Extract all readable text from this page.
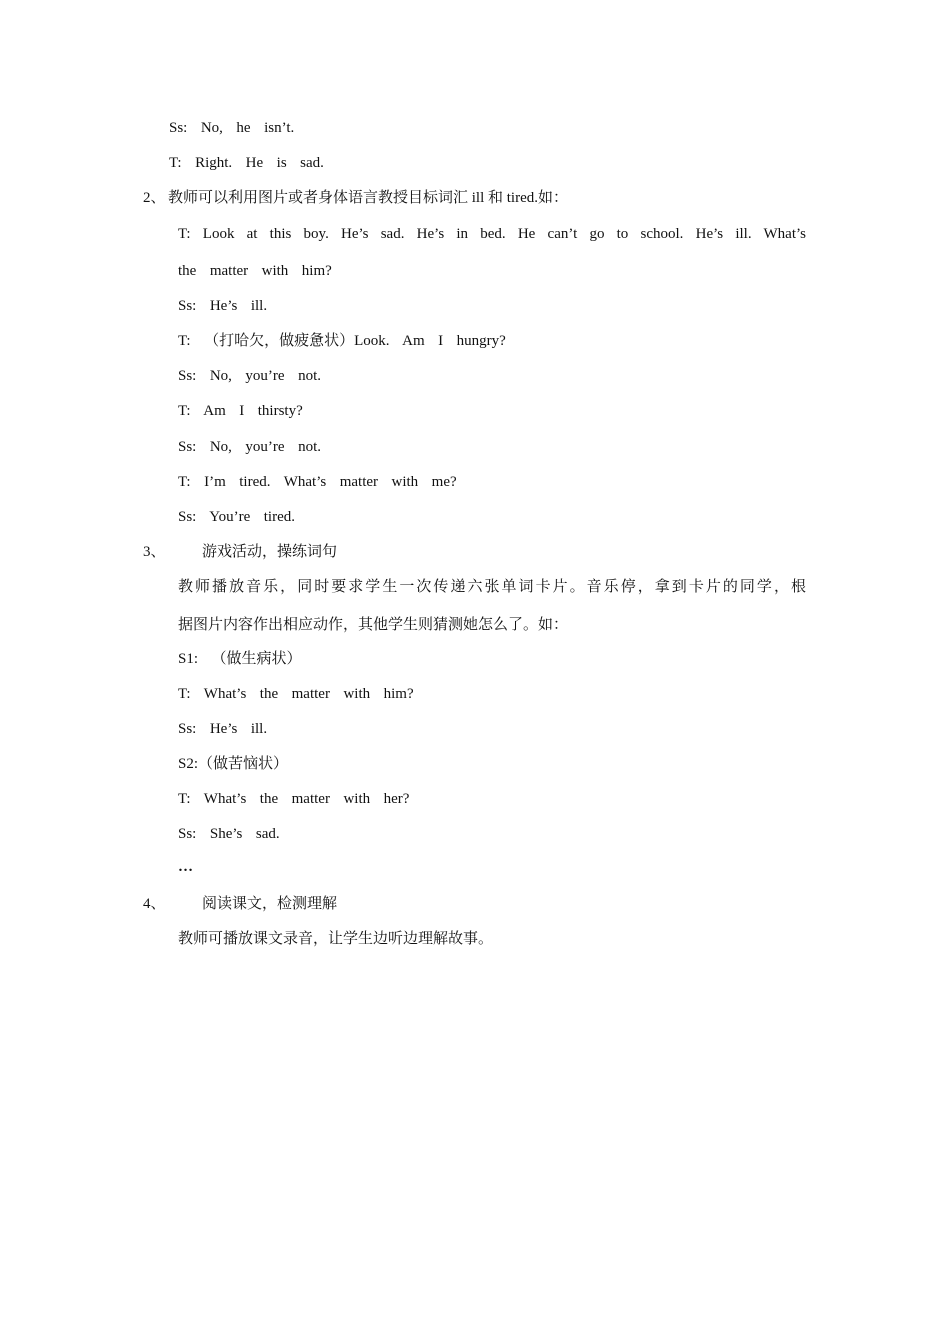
Ss:  No,  he  isn’t.
T:  Right.  He  is  sad.
2、 教师可以利用图片或者身体语言教授目标词汇 ill 和 tired.如：
T: Look at this boy. He’s sad. He’s in bed. He can’t go to school. He’s ill. What’s
the  matter  with  him?
Ss:  He’s  ill.
T:  （打哈欠，做疲惫状）Look.  Am  I  hungry?
Ss:  No,  you’re  not.
T:  Am  I  thirsty?
Ss:  No,  you’re  not.
T:  I’m  tired.  What’s  matter  with  me?
Ss:  You’re  tired.
3、 游戏活动，操练词句
教师播放音乐，同时要求学生一次传递六张单词卡片。音乐停，拿到卡片的同学，根
据图片内容作出相应动作，其他学生则猜测她怎么了。如：
S1:  （做生病状）
T:  What’s  the  matter  with  him?
Ss:  He’s  ill.
S2:（做苦恼状）
T:  What’s  the  matter  with  her?
Ss:  She’s  sad.
…
4、 阅读课文，检测理解
教师可播放课文录音，让学生边听边理解故事。
